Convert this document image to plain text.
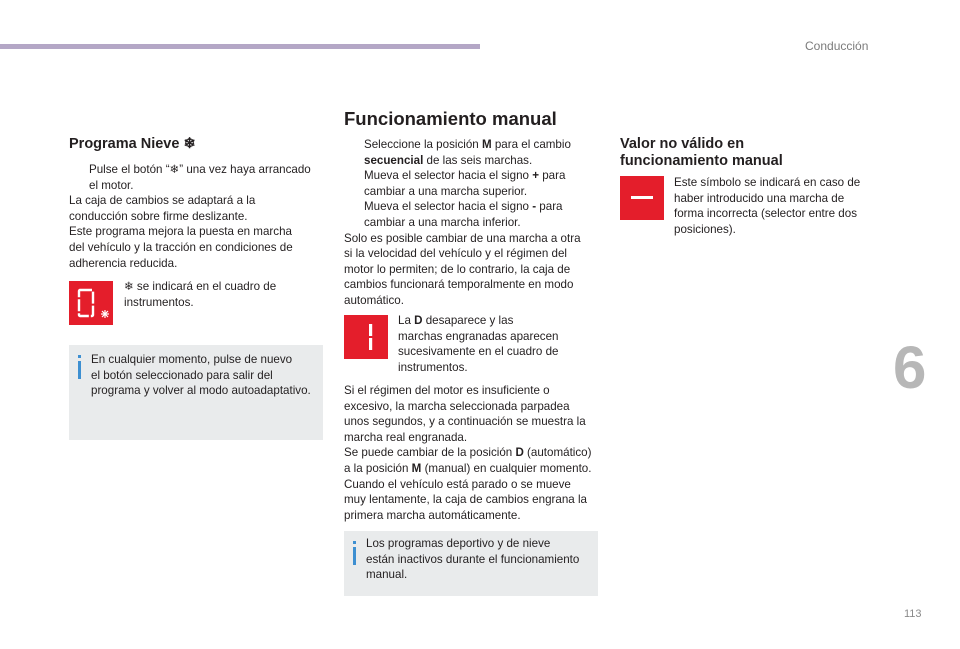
Conducción
6
113
Programa Nieve ❄
Pulse el botón “❄” una vez haya arrancado
el motor.

La caja de cambios se adaptará a la
conducción sobre firme deslizante.
Este programa mejora la puesta en marcha
del vehículo y la tracción en condiciones de
adherencia reducida.

❄ se indicará en el cuadro de
instrumentos.
En cualquier momento, pulse de nuevo
el botón seleccionado para salir del
programa y volver al modo autoadaptativo.
Funcionamiento manual
Seleccione la posición M para el cambio
secuencial de las seis marchas.
Mueva el selector hacia el signo + para
cambiar a una marcha superior.
Mueva el selector hacia el signo - para
cambiar a una marcha inferior.

Solo es posible cambiar de una marcha a otra
si la velocidad del vehículo y el régimen del
motor lo permiten; de lo contrario, la caja de
cambios funcionará temporalmente en modo
automático.

La D desaparece y las
marchas engranadas aparecen
sucesivamente en el cuadro de
instrumentos.

Si el régimen del motor es insuficiente o
excesivo, la marcha seleccionada parpadea
unos segundos, y a continuación se muestra la
marcha real engranada.

Se puede cambiar de la posición D (automático)
a la posición M (manual) en cualquier momento.

Cuando el vehículo está parado o se mueve
muy lentamente, la caja de cambios engrana la
primera marcha automáticamente.

Los programas deportivo y de nieve
están inactivos durante el funcionamiento
manual.
Valor no válido en
funcionamiento manual
Este símbolo se indicará en caso de
haber introducido una marcha de
forma incorrecta (selector entre dos
posiciones).
